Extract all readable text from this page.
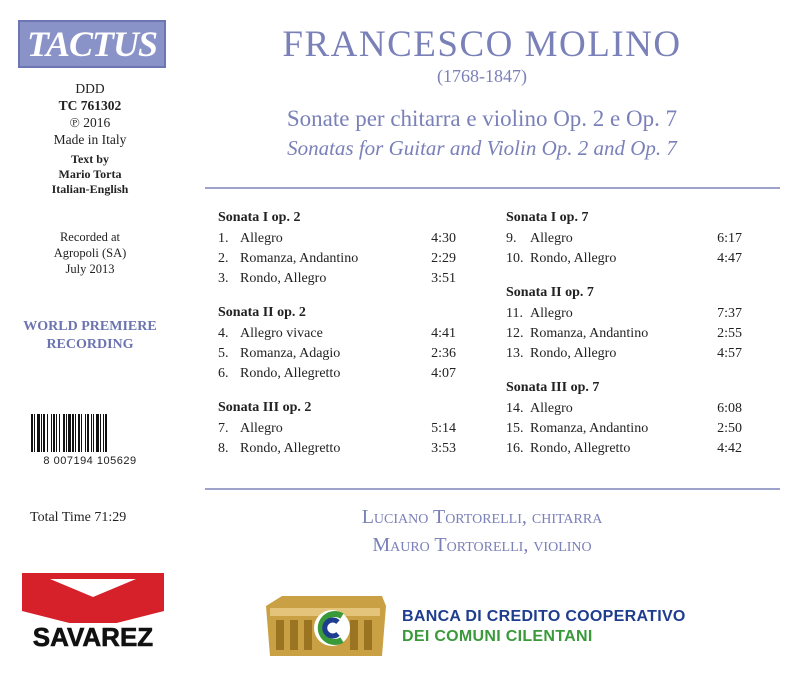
TACTUS
DDD
TC 761302
℗ 2016
Made in Italy
Text by
Mario Torta
Italian-English
Recorded at
Agropoli (SA)
July 2013
WORLD PREMIERE
RECORDING
8 007194 105629
Total Time 71:29
SAVAREZ
FRANCESCO MOLINO
(1768-1847)
Sonate per chitarra e violino Op. 2 e Op. 7
Sonatas for Guitar and Violin Op. 2 and Op. 7
Sonata I op. 2
1. Allegro	4:30
2. Romanza, Andantino	2:29
3. Rondo, Allegro	3:51
Sonata II op. 2
4. Allegro vivace	4:41
5. Romanza, Adagio	2:36
6. Rondo, Allegretto	4:07
Sonata III op. 2
7. Allegro	5:14
8. Rondo, Allegretto	3:53
Sonata I op. 7
9. Allegro	6:17
10. Rondo, Allegro	4:47
Sonata II op. 7
11. Allegro	7:37
12. Romanza, Andantino	2:55
13. Rondo, Allegro	4:57
Sonata III op. 7
14. Allegro	6:08
15. Romanza, Andantino	2:50
16. Rondo, Allegretto	4:42
Luciano Tortorelli, chitarra
Mauro Tortorelli, violino
BANCA DI CREDITO COOPERATIVO
DEI COMUNI CILENTANI
